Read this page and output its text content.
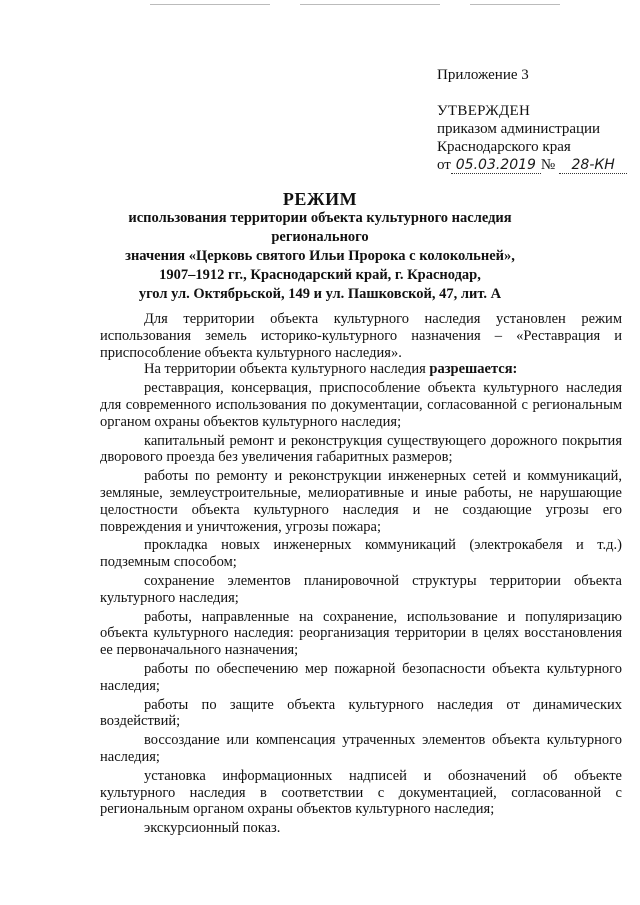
Приложение 3
УТВЕРЖДЕН
приказом администрации
Краснодарского края
от 05.03.2019 №	28-КН
РЕЖИМ
использования территории объекта культурного наследия регионального
значения «Церковь святого Ильи Пророка с колокольней»,
1907–1912 гг., Краснодарский край, г. Краснодар,
угол ул. Октябрьской, 149 и ул. Пашковской, 47, лит. А

Для территории объекта культурного наследия установлен режим использования земель историко-культурного назначения – «Реставрация и приспособление объекта культурного наследия».

На территории объекта культурного наследия разрешается:

реставрация, консервация, приспособление объекта культурного наследия для современного использования по документации, согласованной с региональным органом охраны объектов культурного наследия;

капитальный ремонт и реконструкция существующего дорожного покрытия дворового проезда без увеличения габаритных размеров;

работы по ремонту и реконструкции инженерных сетей и коммуникаций, земляные, землеустроительные, мелиоративные и иные работы, не нарушающие целостности объекта культурного наследия и не создающие угрозы его повреждения и уничтожения, угрозы пожара;

прокладка новых инженерных коммуникаций (электрокабеля и т.д.) подземным способом;

сохранение элементов планировочной структуры территории объекта культурного наследия;

работы, направленные на сохранение, использование и популяризацию объекта культурного наследия: реорганизация территории в целях восстановления ее первоначального назначения;

работы по обеспечению мер пожарной безопасности объекта культурного наследия;

работы по защите объекта культурного наследия от динамических воздействий;

воссоздание или компенсация утраченных элементов объекта культурного наследия;

установка информационных надписей и обозначений об объекте культурного наследия в соответствии с документацией, согласованной с региональным органом охраны объектов культурного наследия;

экскурсионный показ.
